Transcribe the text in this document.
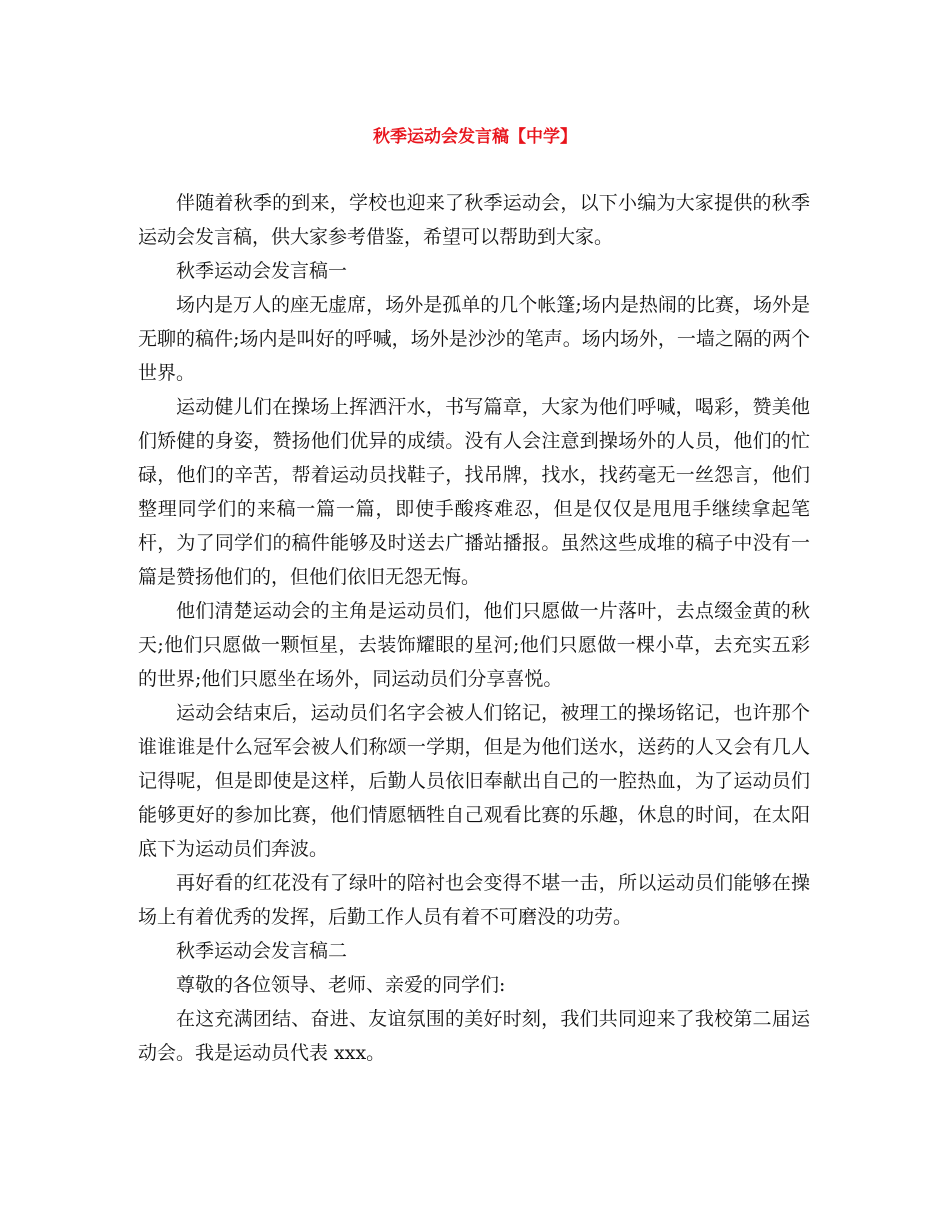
秋季运动会发言稿【中学】

伴随着秋季的到来，学校也迎来了秋季运动会，以下小编为大家提供的秋季运动会发言稿，供大家参考借鉴，希望可以帮助到大家。

秋季运动会发言稿一

场内是万人的座无虚席，场外是孤单的几个帐篷;场内是热闹的比赛，场外是无聊的稿件;场内是叫好的呼喊，场外是沙沙的笔声。场内场外，一墙之隔的两个世界。

运动健儿们在操场上挥洒汗水，书写篇章，大家为他们呼喊，喝彩，赞美他们矫健的身姿，赞扬他们优异的成绩。没有人会注意到操场外的人员，他们的忙碌，他们的辛苦，帮着运动员找鞋子，找吊牌，找水，找药毫无一丝怨言，他们整理同学们的来稿一篇一篇，即使手酸疼难忍，但是仅仅是甩甩手继续拿起笔杆，为了同学们的稿件能够及时送去广播站播报。虽然这些成堆的稿子中没有一篇是赞扬他们的，但他们依旧无怨无悔。

他们清楚运动会的主角是运动员们，他们只愿做一片落叶，去点缀金黄的秋天;他们只愿做一颗恒星，去装饰耀眼的星河;他们只愿做一棵小草，去充实五彩的世界;他们只愿坐在场外，同运动员们分享喜悦。

运动会结束后，运动员们名字会被人们铭记，被理工的操场铭记，也许那个谁谁谁是什么冠军会被人们称颂一学期，但是为他们送水，送药的人又会有几人记得呢，但是即使是这样，后勤人员依旧奉献出自己的一腔热血，为了运动员们能够更好的参加比赛，他们情愿牺牲自己观看比赛的乐趣，休息的时间，在太阳底下为运动员们奔波。

再好看的红花没有了绿叶的陪衬也会变得不堪一击，所以运动员们能够在操场上有着优秀的发挥，后勤工作人员有着不可磨没的功劳。

秋季运动会发言稿二

尊敬的各位领导、老师、亲爱的同学们:

在这充满团结、奋进、友谊氛围的美好时刻，我们共同迎来了我校第二届运动会。我是运动员代表 xxx。
